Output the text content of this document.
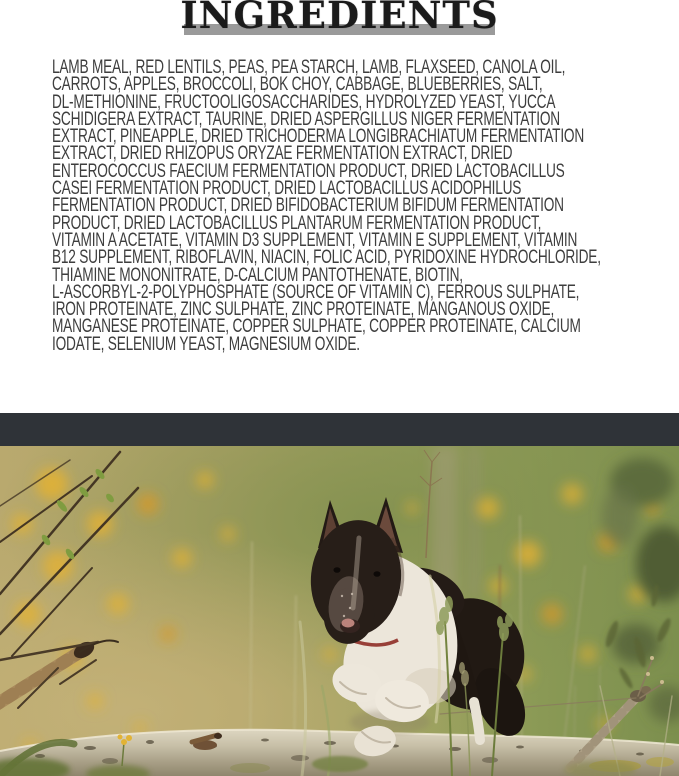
INGREDIENTS
LAMB MEAL, RED LENTILS, PEAS, PEA STARCH, LAMB, FLAXSEED, CANOLA OIL,
CARROTS, APPLES, BROCCOLI, BOK CHOY, CABBAGE, BLUEBERRIES, SALT,
DL-METHIONINE, FRUCTOOLIGOSACCHARIDES, HYDROLYZED YEAST, YUCCA
SCHIDIGERA EXTRACT, TAURINE, DRIED ASPERGILLUS NIGER FERMENTATION
EXTRACT, PINEAPPLE, DRIED TRICHODERMA LONGIBRACHIATUM FERMENTATION
EXTRACT, DRIED RHIZOPUS ORYZAE FERMENTATION EXTRACT, DRIED
ENTEROCOCCUS FAECIUM FERMENTATION PRODUCT, DRIED LACTOBACILLUS
CASEI FERMENTATION PRODUCT, DRIED LACTOBACILLUS ACIDOPHILUS
FERMENTATION PRODUCT, DRIED BIFIDOBACTERIUM BIFIDUM FERMENTATION
PRODUCT, DRIED LACTOBACILLUS PLANTARUM FERMENTATION PRODUCT,
VITAMIN A ACETATE, VITAMIN D3 SUPPLEMENT, VITAMIN E SUPPLEMENT, VITAMIN
B12 SUPPLEMENT, RIBOFLAVIN, NIACIN, FOLIC ACID, PYRIDOXINE HYDROCHLORIDE,
THIAMINE MONONITRATE, D-CALCIUM PANTOTHENATE, BIOTIN,
L-ASCORBYL-2-POLYPHOSPHATE (SOURCE OF VITAMIN C), FERROUS SULPHATE,
IRON PROTEINATE, ZINC SULPHATE, ZINC PROTEINATE, MANGANOUS OXIDE,
MANGANESE PROTEINATE, COPPER SULPHATE, COPPER PROTEINATE, CALCIUM
IODATE, SELENIUM YEAST, MAGNESIUM OXIDE.
